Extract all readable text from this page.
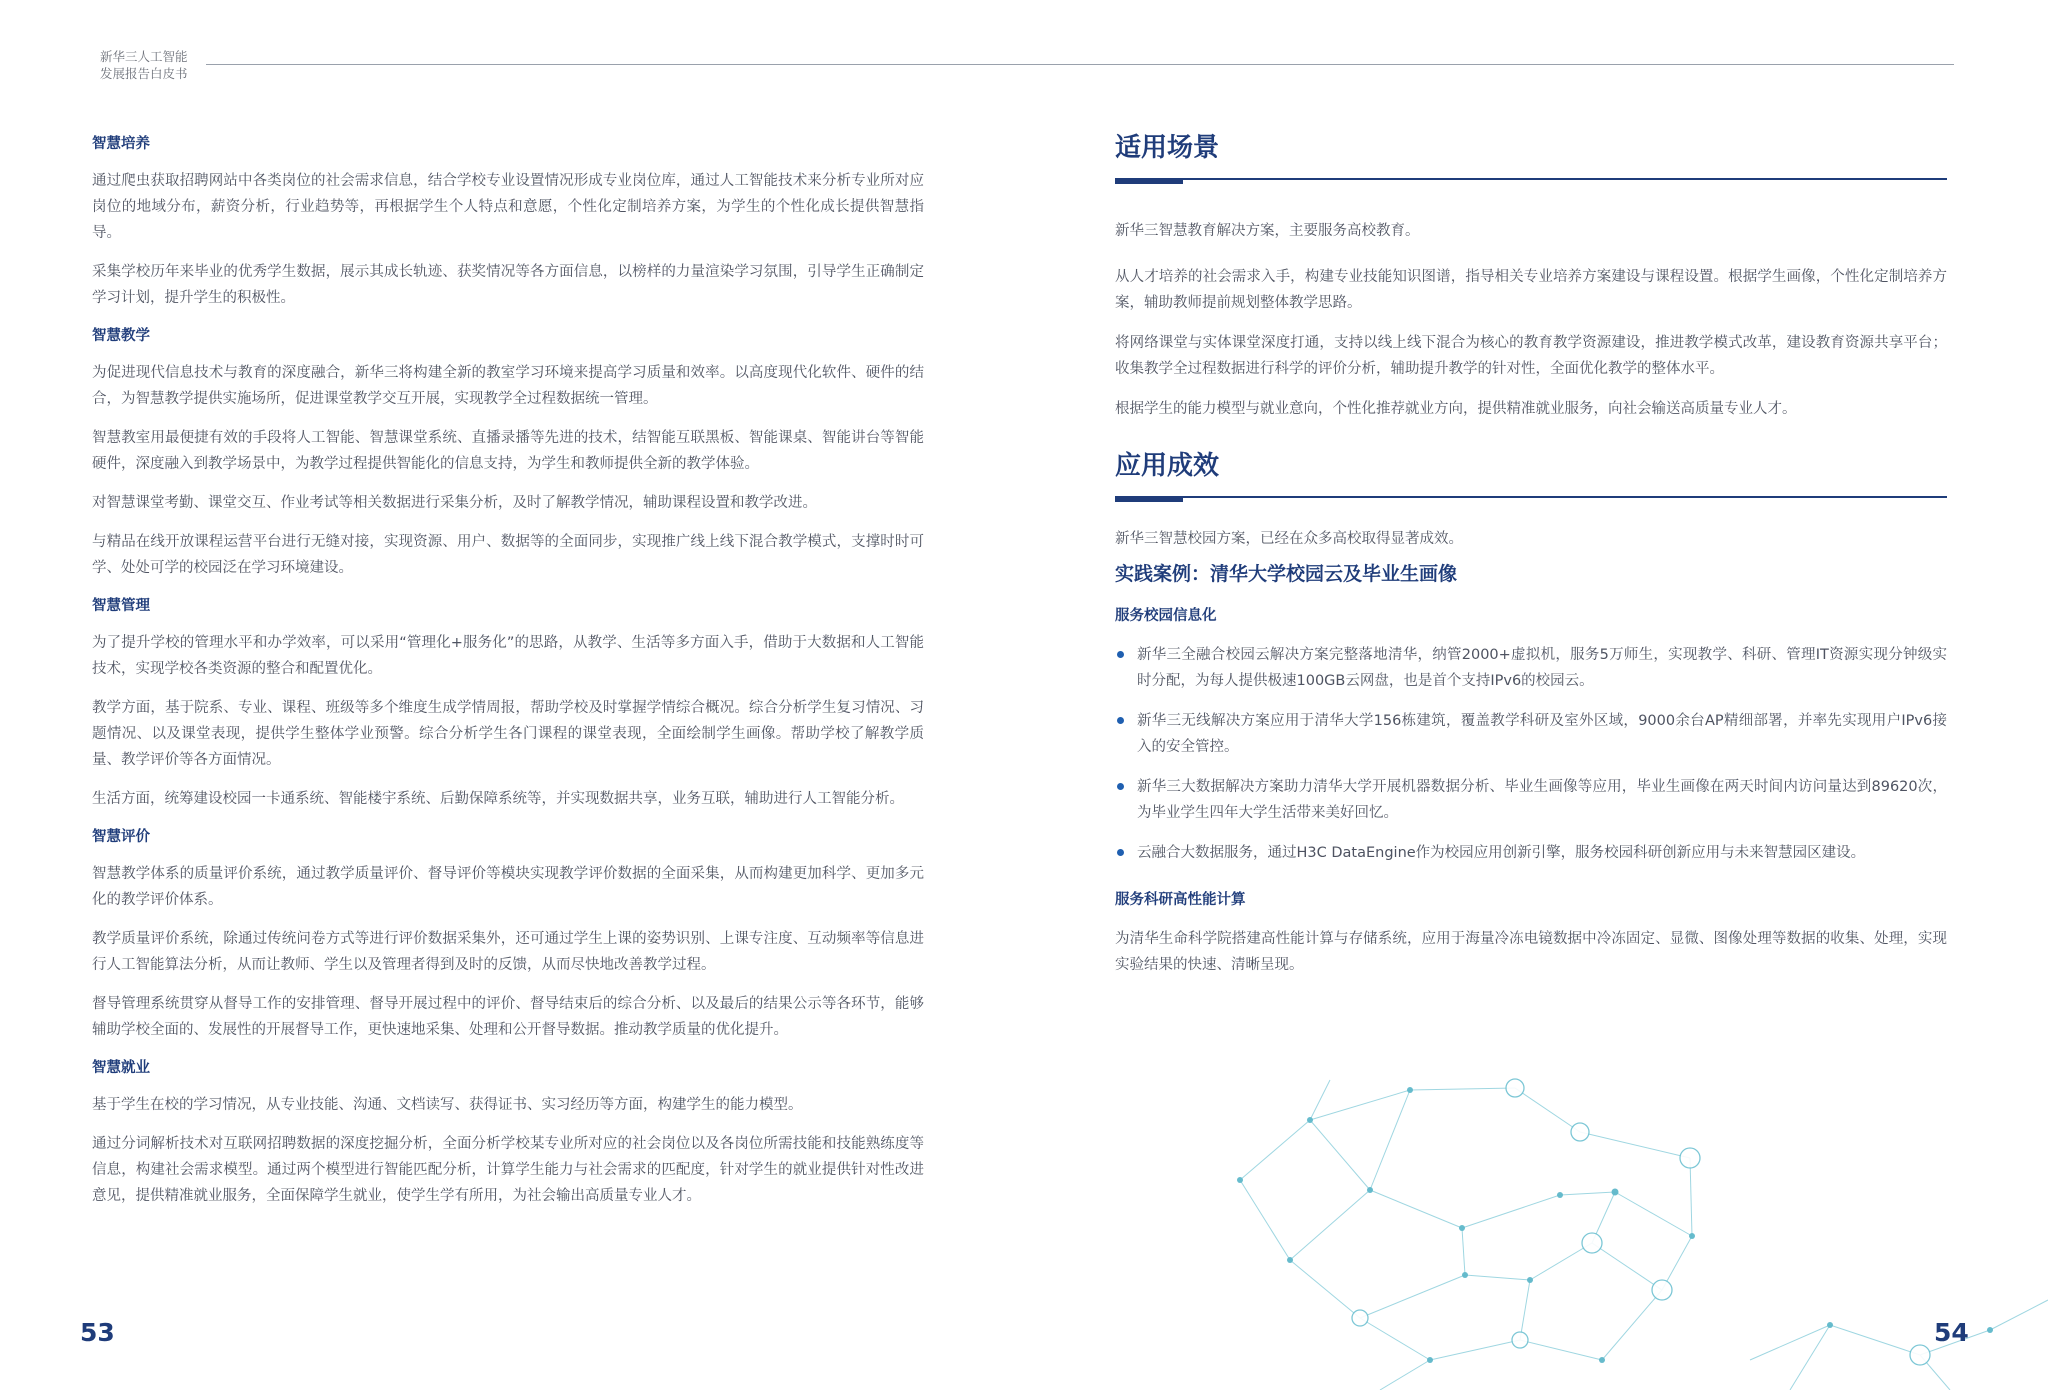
新华三人工智能
发展报告白皮书
智慧培养

通过爬虫获取招聘网站中各类岗位的社会需求信息，结合学校专业设置情况形成专业岗位库，通过人工智能技术来分析专业所对应岗位的地域分布，薪资分析，行业趋势等，再根据学生个人特点和意愿，个性化定制培养方案，为学生的个性化成长提供智慧指导。

采集学校历年来毕业的优秀学生数据，展示其成长轨迹、获奖情况等各方面信息，以榜样的力量渲染学习氛围，引导学生正确制定学习计划，提升学生的积极性。

智慧教学

为促进现代信息技术与教育的深度融合，新华三将构建全新的教室学习环境来提高学习质量和效率。以高度现代化软件、硬件的结合，为智慧教学提供实施场所，促进课堂教学交互开展，实现教学全过程数据统一管理。

智慧教室用最便捷有效的手段将人工智能、智慧课堂系统、直播录播等先进的技术，结智能互联黑板、智能课桌、智能讲台等智能硬件，深度融入到教学场景中，为教学过程提供智能化的信息支持，为学生和教师提供全新的教学体验。

对智慧课堂考勤、课堂交互、作业考试等相关数据进行采集分析，及时了解教学情况，辅助课程设置和教学改进。

与精品在线开放课程运营平台进行无缝对接，实现资源、用户、数据等的全面同步，实现推广线上线下混合教学模式，支撑时时可学、处处可学的校园泛在学习环境建设。

智慧管理

为了提升学校的管理水平和办学效率，可以采用“管理化+服务化”的思路，从教学、生活等多方面入手，借助于大数据和人工智能技术，实现学校各类资源的整合和配置优化。

教学方面，基于院系、专业、课程、班级等多个维度生成学情周报，帮助学校及时掌握学情综合概况。综合分析学生复习情况、习题情况、以及课堂表现，提供学生整体学业预警。综合分析学生各门课程的课堂表现，全面绘制学生画像。帮助学校了解教学质量、教学评价等各方面情况。

生活方面，统筹建设校园一卡通系统、智能楼宇系统、后勤保障系统等，并实现数据共享，业务互联，辅助进行人工智能分析。

智慧评价

智慧教学体系的质量评价系统，通过教学质量评价、督导评价等模块实现教学评价数据的全面采集，从而构建更加科学、更加多元化的教学评价体系。

教学质量评价系统，除通过传统问卷方式等进行评价数据采集外，还可通过学生上课的姿势识别、上课专注度、互动频率等信息进行人工智能算法分析，从而让教师、学生以及管理者得到及时的反馈，从而尽快地改善教学过程。

督导管理系统贯穿从督导工作的安排管理、督导开展过程中的评价、督导结束后的综合分析、以及最后的结果公示等各环节，能够辅助学校全面的、发展性的开展督导工作，更快速地采集、处理和公开督导数据。推动教学质量的优化提升。

智慧就业

基于学生在校的学习情况，从专业技能、沟通、文档读写、获得证书、实习经历等方面，构建学生的能力模型。

通过分词解析技术对互联网招聘数据的深度挖掘分析，全面分析学校某专业所对应的社会岗位以及各岗位所需技能和技能熟练度等信息，构建社会需求模型。通过两个模型进行智能匹配分析，计算学生能力与社会需求的匹配度，针对学生的就业提供针对性改进意见，提供精准就业服务，全面保障学生就业，使学生学有所用，为社会输出高质量专业人才。

适用场景

新华三智慧教育解决方案，主要服务高校教育。

从人才培养的社会需求入手，构建专业技能知识图谱，指导相关专业培养方案建设与课程设置。根据学生画像，个性化定制培养方案，辅助教师提前规划整体教学思路。

将网络课堂与实体课堂深度打通，支持以线上线下混合为核心的教育教学资源建设，推进教学模式改革，建设教育资源共享平台；收集教学全过程数据进行科学的评价分析，辅助提升教学的针对性，全面优化教学的整体水平。

根据学生的能力模型与就业意向，个性化推荐就业方向，提供精准就业服务，向社会输送高质量专业人才。

应用成效

新华三智慧校园方案，已经在众多高校取得显著成效。

实践案例：清华大学校园云及毕业生画像
服务校园信息化
新华三全融合校园云解决方案完整落地清华，纳管2000+虚拟机，服务5万师生，实现教学、科研、管理IT资源实现分钟级实时分配，为每人提供极速100GB云网盘，也是首个支持IPv6的校园云。
新华三无线解决方案应用于清华大学156栋建筑，覆盖教学科研及室外区域，9000余台AP精细部署，并率先实现用户IPv6接入的安全管控。
新华三大数据解决方案助力清华大学开展机器数据分析、毕业生画像等应用，毕业生画像在两天时间内访问量达到89620次，为毕业学生四年大学生活带来美好回忆。
云融合大数据服务，通过H3C DataEngine作为校园应用创新引擎，服务校园科研创新应用与未来智慧园区建设。
服务科研高性能计算

为清华生命科学院搭建高性能计算与存储系统，应用于海量冷冻电镜数据中冷冻固定、显微、图像处理等数据的收集、处理，实现实验结果的快速、清晰呈现。

53	54
